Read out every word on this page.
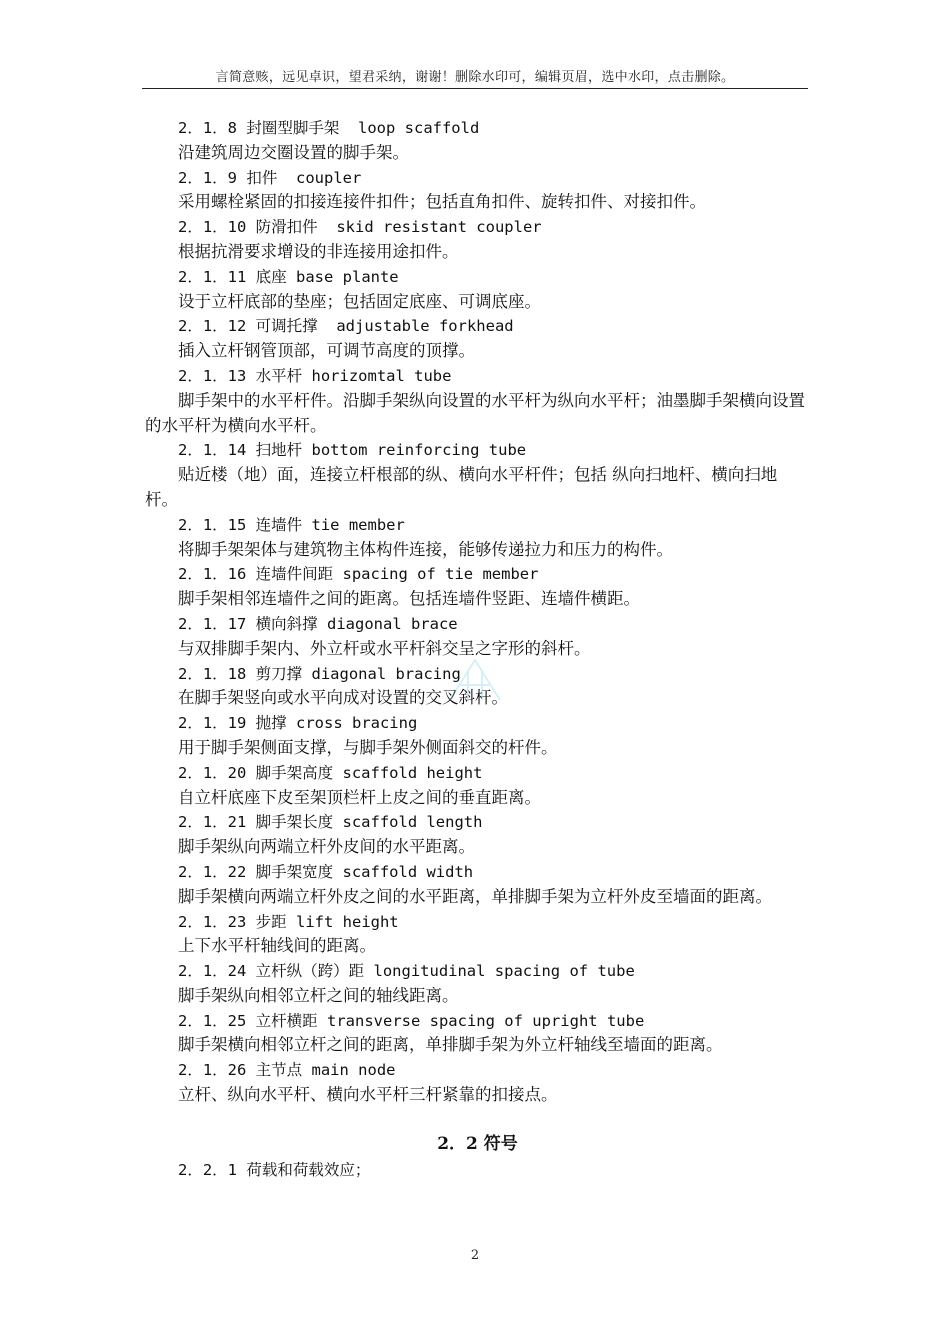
言简意赅，远见卓识，望君采纳，谢谢！删除水印可，编辑页眉，选中水印，点击删除。
2．1．8 封圈型脚手架  loop scaffold
沿建筑周边交圈设置的脚手架。
2．1．9 扣件  coupler
采用螺栓紧固的扣接连接件扣件；包括直角扣件、旋转扣件、对接扣件。
2．1．10 防滑扣件  skid resistant coupler
根据抗滑要求增设的非连接用途扣件。
2．1．11 底座 base plante
设于立杆底部的垫座；包括固定底座、可调底座。
2．1．12 可调托撑  adjustable forkhead
插入立杆钢管顶部，可调节高度的顶撑。
2．1．13 水平杆 horizomtal tube
脚手架中的水平杆件。沿脚手架纵向设置的水平杆为纵向水平杆；油墨脚手架横向设置的水平杆为横向水平杆。
2．1．14 扫地杆 bottom reinforcing tube
贴近楼（地）面，连接立杆根部的纵、横向水平杆件；包括 纵向扫地杆、横向扫地杆。
2．1．15 连墙件 tie member
将脚手架架体与建筑物主体构件连接，能够传递拉力和压力的构件。
2．1．16 连墙件间距 spacing of tie member
脚手架相邻连墙件之间的距离。包括连墙件竖距、连墙件横距。
2．1．17 横向斜撑 diagonal brace
与双排脚手架内、外立杆或水平杆斜交呈之字形的斜杆。
2．1．18 剪刀撑 diagonal bracing
在脚手架竖向或水平向成对设置的交叉斜杆。
2．1．19 抛撑 cross bracing
用于脚手架侧面支撑，与脚手架外侧面斜交的杆件。
2．1．20 脚手架高度 scaffold height
自立杆底座下皮至架顶栏杆上皮之间的垂直距离。
2．1．21 脚手架长度 scaffold length
脚手架纵向两端立杆外皮间的水平距离。
2．1．22 脚手架宽度 scaffold width
脚手架横向两端立杆外皮之间的水平距离，单排脚手架为立杆外皮至墙面的距离。
2．1．23 步距 lift height
上下水平杆轴线间的距离。
2．1．24 立杆纵（跨）距 longitudinal spacing of tube
脚手架纵向相邻立杆之间的轴线距离。
2．1．25 立杆横距 transverse spacing of upright tube
脚手架横向相邻立杆之间的距离，单排脚手架为外立杆轴线至墙面的距离。
2．1．26 主节点 main node
立杆、纵向水平杆、横向水平杆三杆紧靠的扣接点。
2．2 符号
2．2．1 荷载和荷载效应；
2
